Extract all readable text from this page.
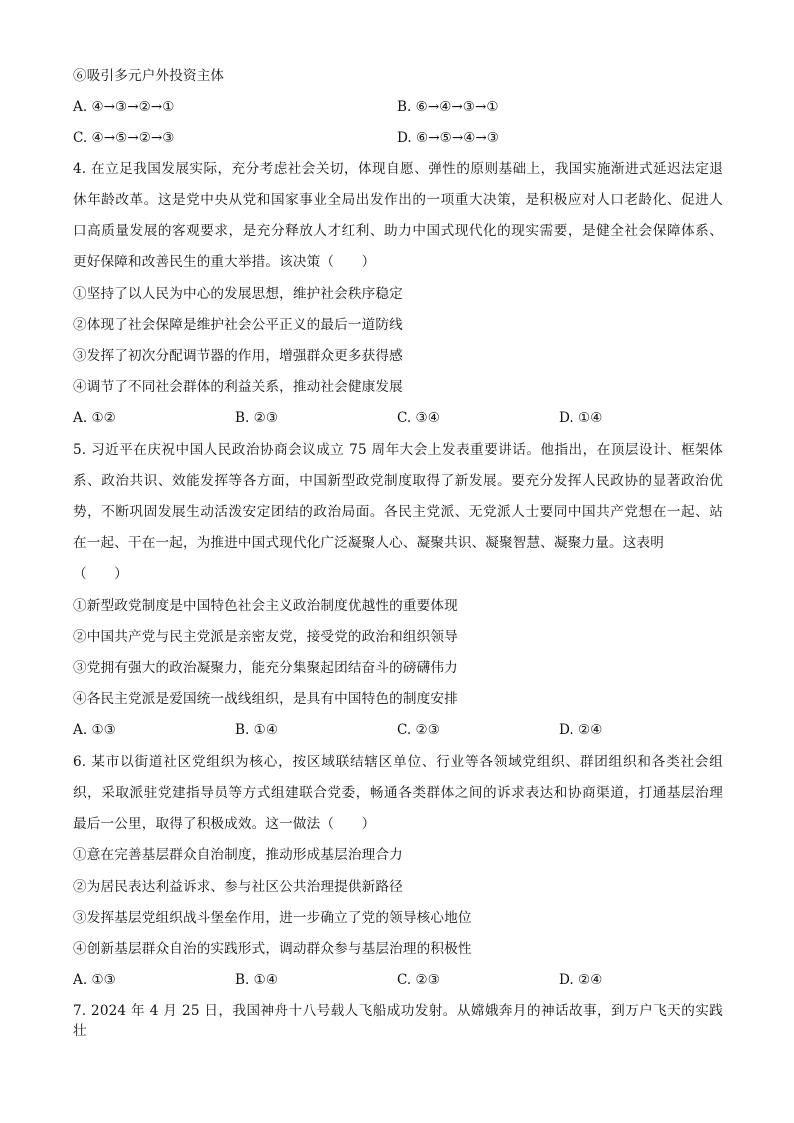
⑥吸引多元户外投资主体
A. ④→③→②→①	B. ⑥→④→③→①
C. ④→⑤→②→③	D. ⑥→⑤→④→③
4. 在立足我国发展实际，充分考虑社会关切，体现自愿、弹性的原则基础上，我国实施渐进式延迟法定退
休年龄改革。这是党中央从党和国家事业全局出发作出的一项重大决策，是积极应对人口老龄化、促进人
口高质量发展的客观要求，是充分释放人才红利、助力中国式现代化的现实需要，是健全社会保障体系、
更好保障和改善民生的重大举措。该决策（　　）
①坚持了以人民为中心的发展思想，维护社会秩序稳定
②体现了社会保障是维护社会公平正义的最后一道防线
③发挥了初次分配调节器的作用，增强群众更多获得感
④调节了不同社会群体的利益关系，推动社会健康发展
A. ①②	B. ②③	C. ③④	D. ①④
5. 习近平在庆祝中国人民政治协商会议成立 75 周年大会上发表重要讲话。他指出，在顶层设计、框架体
系、政治共识、效能发挥等各方面，中国新型政党制度取得了新发展。要充分发挥人民政协的显著政治优
势，不断巩固发展生动活泼安定团结的政治局面。各民主党派、无党派人士要同中国共产党想在一起、站
在一起、干在一起，为推进中国式现代化广泛凝聚人心、凝聚共识、凝聚智慧、凝聚力量。这表明
（　　）
①新型政党制度是中国特色社会主义政治制度优越性的重要体现
②中国共产党与民主党派是亲密友党，接受党的政治和组织领导
③党拥有强大的政治凝聚力，能充分集聚起团结奋斗的磅礴伟力
④各民主党派是爱国统一战线组织，是具有中国特色的制度安排
A. ①③	B. ①④	C. ②③	D. ②④
6. 某市以街道社区党组织为核心，按区域联结辖区单位、行业等各领域党组织、群团组织和各类社会组
织，采取派驻党建指导员等方式组建联合党委，畅通各类群体之间的诉求表达和协商渠道，打通基层治理
最后一公里，取得了积极成效。这一做法（　　）
①意在完善基层群众自治制度，推动形成基层治理合力
②为居民表达利益诉求、参与社区公共治理提供新路径
③发挥基层党组织战斗堡垒作用，进一步确立了党的领导核心地位
④创新基层群众自治的实践形式，调动群众参与基层治理的积极性
A. ①③	B. ①④	C. ②③	D. ②④
7. 2024 年 4 月 25 日，我国神舟十八号载人飞船成功发射。从嫦娥奔月的神话故事，到万户飞天的实践壮
